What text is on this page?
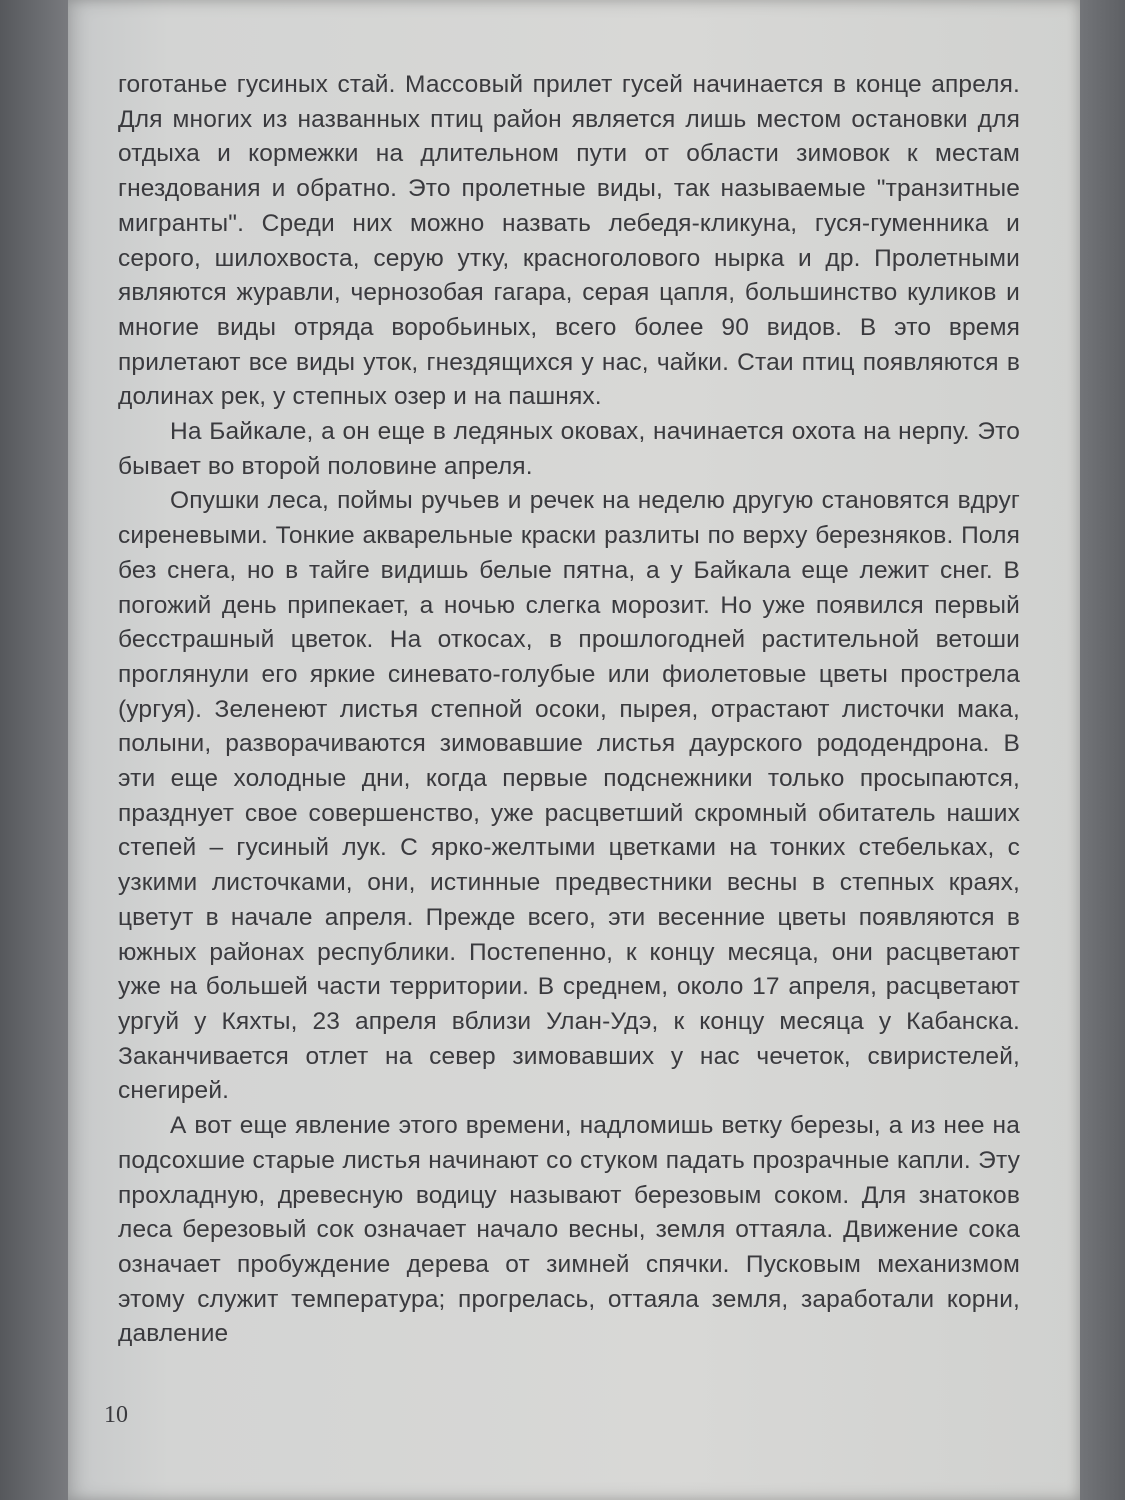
гоготанье гусиных стай. Массовый прилет гусей начинается в конце апреля. Для многих из названных птиц район является лишь местом остановки для отдыха и кормежки на длительном пути от области зимовок к местам гнездования и обратно. Это пролетные виды, так называемые "транзитные мигранты". Среди них можно назвать лебедя-кликуна, гуся-гуменника и серого, шилохвоста, серую утку, красноголового нырка и др. Пролетными являются журавли, чернозобая гагара, серая цапля, большинство куликов и многие виды отряда воробьиных, всего более 90 видов. В это время прилетают все виды уток, гнездящихся у нас, чайки. Стаи птиц появляются в долинах рек, у степных озер и на пашнях.

На Байкале, а он еще в ледяных оковах, начинается охота на нерпу. Это бывает во второй половине апреля.

Опушки леса, поймы ручьев и речек на неделю другую становятся вдруг сиреневыми. Тонкие акварельные краски разлиты по верху березняков. Поля без снега, но в тайге видишь белые пятна, а у Байкала еще лежит снег. В погожий день припекает, а ночью слегка морозит. Но уже появился первый бесстрашный цветок. На откосах, в прошлогодней растительной ветоши проглянули его яркие синевато-голубые или фиолетовые цветы прострела (ургуя). Зеленеют листья степной осоки, пырея, отрастают листочки мака, полыни, разворачиваются зимовавшие листья даурского рододендрона. В эти еще холодные дни, когда первые подснежники только просыпаются, празднует свое совершенство, уже расцветший скромный обитатель наших степей – гусиный лук. С ярко-желтыми цветками на тонких стебельках, с узкими листочками, они, истинные предвестники весны в степных краях, цветут в начале апреля. Прежде всего, эти весенние цветы появляются в южных районах республики. Постепенно, к концу месяца, они расцветают уже на большей части территории. В среднем, около 17 апреля, расцветают ургуй у Кяхты, 23 апреля вблизи Улан-Удэ, к концу месяца у Кабанска. Заканчивается отлет на север зимовавших у нас чечеток, свиристелей, снегирей.

А вот еще явление этого времени, надломишь ветку березы, а из нее на подсохшие старые листья начинают со стуком падать прозрачные капли. Эту прохладную, древесную водицу называют березовым соком. Для знатоков леса березовый сок означает начало весны, земля оттаяла. Движение сока означает пробуждение дерева от зимней спячки. Пусковым механизмом этому служит температура; прогрелась, оттаяла земля, заработали корни, давление

10
